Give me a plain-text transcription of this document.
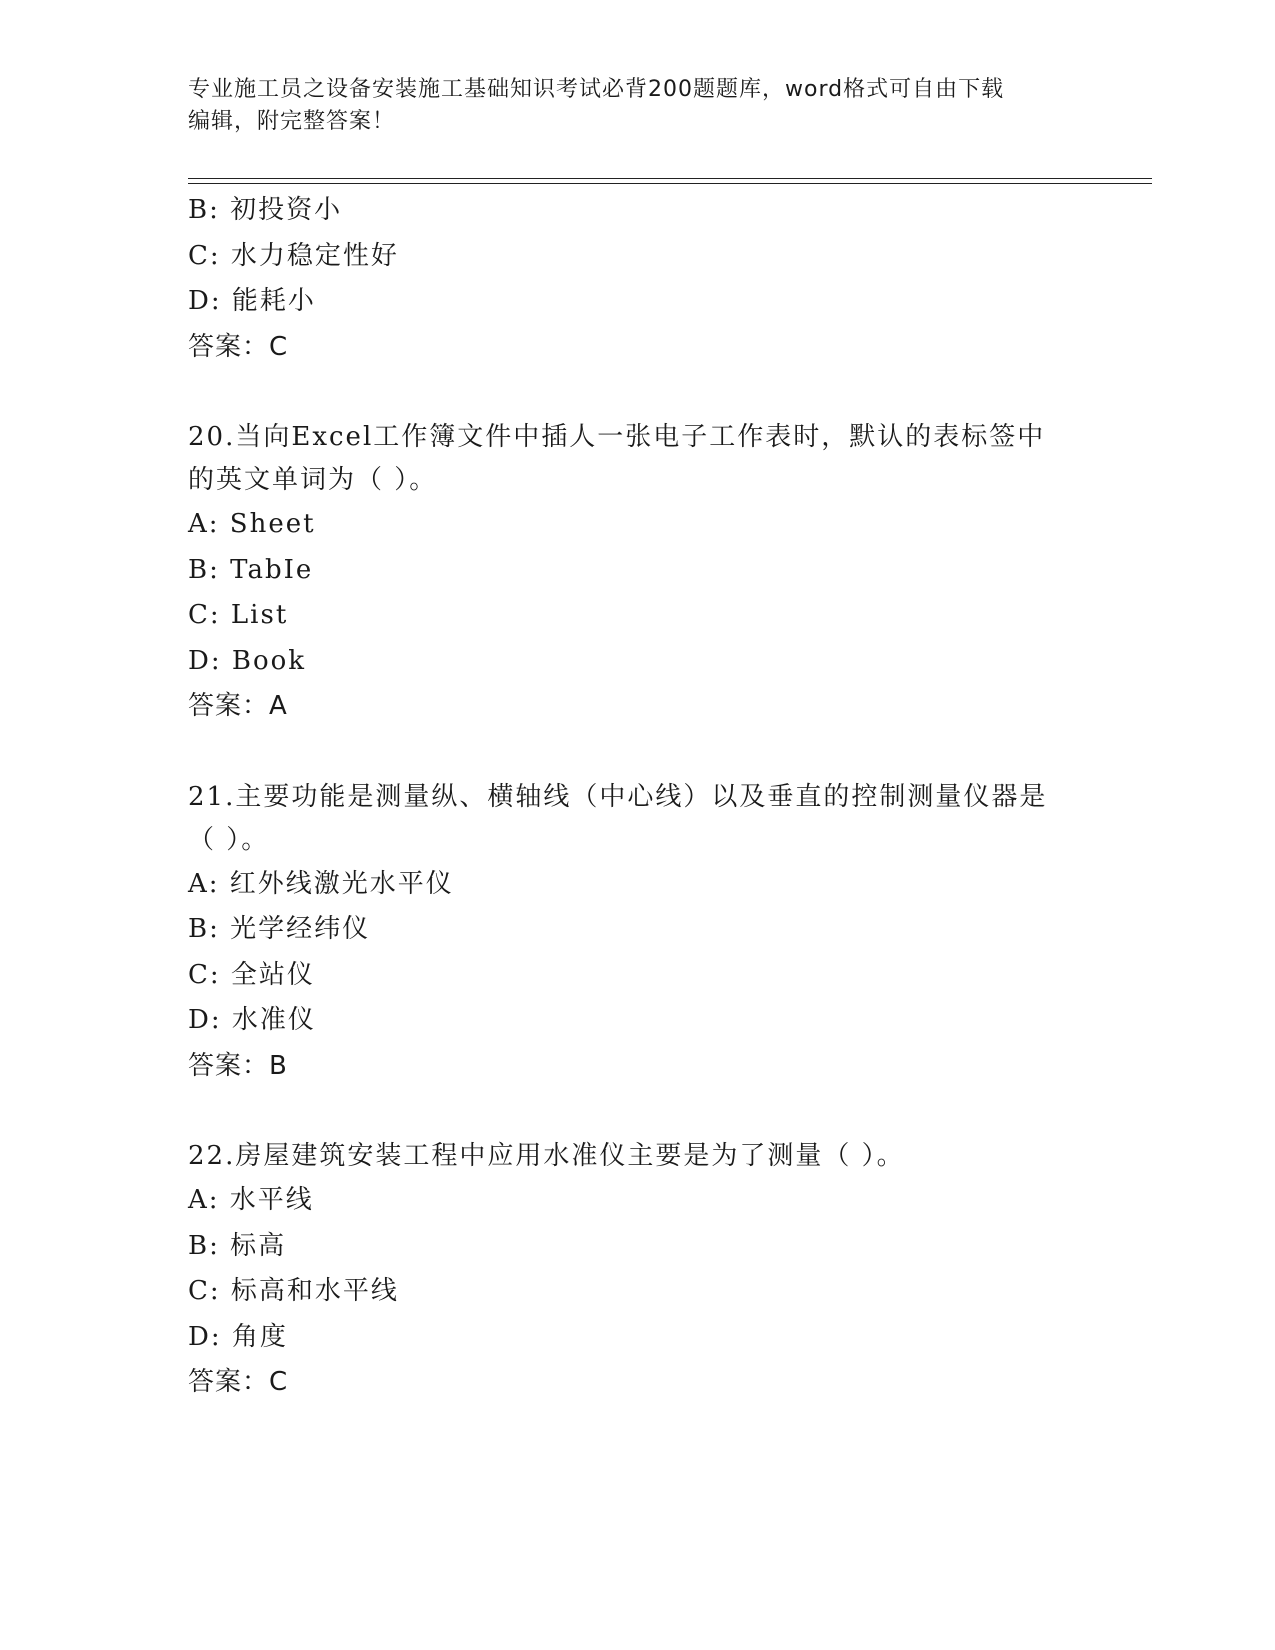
专业施工员之设备安装施工基础知识考试必背200题题库，word格式可自由下载
编辑，附完整答案！
B: 初投资小
C: 水力稳定性好
D: 能耗小
答案：C
20.当向Excel工作簿文件中插人一张电子工作表时，默认的表标签中
的英文单词为（ ）。
A: Sheet
B: TabIe
C: List
D: Book
答案：A
21.主要功能是测量纵、横轴线（中心线）以及垂直的控制测量仪器是
（ ）。
A: 红外线激光水平仪
B: 光学经纬仪
C: 全站仪
D: 水准仪
答案：B
22.房屋建筑安装工程中应用水准仪主要是为了测量（ ）。
A: 水平线
B: 标高
C: 标高和水平线
D: 角度
答案：C
